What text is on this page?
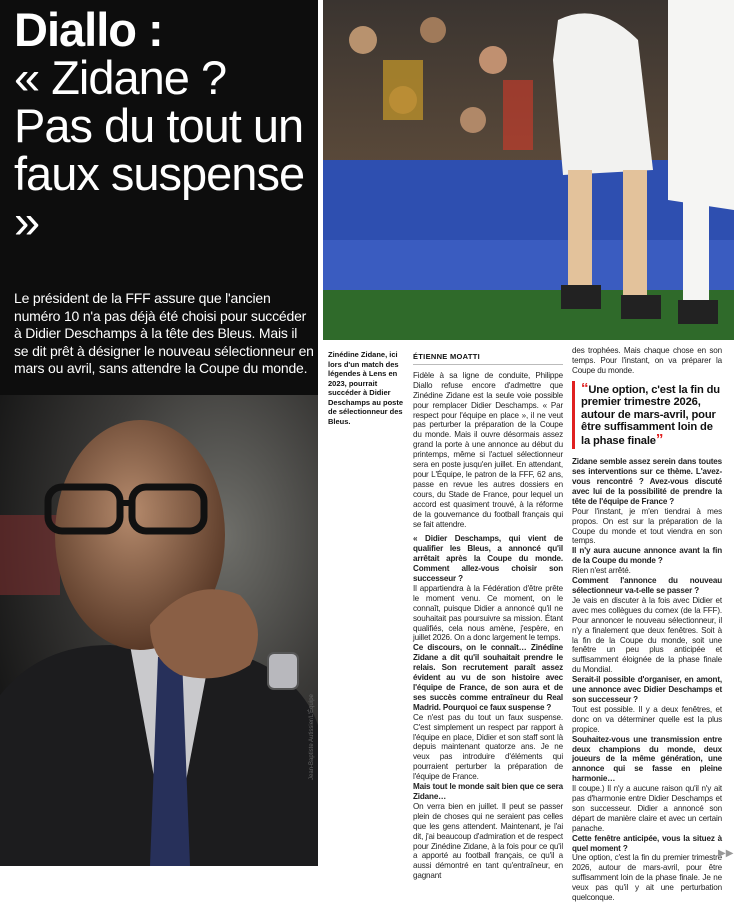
Diallo :
« Zidane ? Pas du tout un faux suspense »

Le président de la FFF assure que l'ancien numéro 10 n'a pas déjà été choisi pour succéder à Didier Deschamps à la tête des Bleus. Mais il se dit prêt à désigner le nouveau sélectionneur en mars ou avril, sans attendre la Coupe du monde.

Jean-Baptiste Autissier/L'Équipe

Zinédine Zidane, ici lors d'un match des légendes à Lens en 2023, pourrait succéder à Didier Deschamps au poste de sélectionneur des Bleus.

ÉTIENNE MOATTI

Fidèle à sa ligne de conduite, Philippe Diallo refuse encore d'admettre que Zinédine Zidane est la seule voie possible pour remplacer Didier Deschamps. « Par respect pour l'équipe en place », il ne veut pas perturber la préparation de la Coupe du monde. Mais il ouvre désormais assez grand la porte à une annonce au début du printemps, même si l'actuel sélectionneur sera en poste jusqu'en juillet. En attendant, pour L'Équipe, le patron de la FFF, 62 ans, passe en revue les autres dossiers en cours, du Stade de France, pour lequel un accord est quasiment trouvé, à la réforme de la gouvernance du football français qui se fait attendre.

« Didier Deschamps, qui vient de qualifier les Bleus, a annoncé qu'il arrêtait après la Coupe du monde. Comment allez-vous choisir son successeur ?

Il appartiendra à la Fédération d'être prête le moment venu. Ce moment, on le connaît, puisque Didier a annoncé qu'il ne souhaitait pas poursuivre sa mission. Étant qualifiés, cela nous amène, j'espère, en juillet 2026. On a donc largement le temps.

Ce discours, on le connaît… Zinédine Zidane a dit qu'il souhaitait prendre le relais. Son recrutement paraît assez évident au vu de son histoire avec l'équipe de France, de son aura et de ses succès comme entraîneur du Real Madrid. Pourquoi ce faux suspense ?

Ce n'est pas du tout un faux suspense. C'est simplement un respect par rapport à l'équipe en place, Didier et son staff sont là depuis maintenant quatorze ans. Je ne veux pas introduire d'éléments qui pourraient perturber la préparation de l'équipe de France.

Mais tout le monde sait bien que ce sera Zidane…

On verra bien en juillet. Il peut se passer plein de choses qui ne seraient pas celles que les gens attendent. Maintenant, je l'ai dit, j'ai beaucoup d'admiration et de respect pour Zinédine Zidane, à la fois pour ce qu'il a apporté au football français, ce qu'il a aussi démontré en tant qu'entraîneur, en gagnant

des trophées. Mais chaque chose en son temps. Pour l'instant, on va préparer la Coupe du monde.

“Une option, c'est la fin du premier trimestre 2026, autour de mars-avril, pour être suffisamment loin de la phase finale”

Zidane semble assez serein dans toutes ses interventions sur ce thème. L'avez-vous rencontré ? Avez-vous discuté avec lui de la possibilité de prendre la tête de l'équipe de France ?

Pour l'instant, je m'en tiendrai à mes propos. On est sur la préparation de la Coupe du monde et tout viendra en son temps.

Il n'y aura aucune annonce avant la fin de la Coupe du monde ?

Rien n'est arrêté.

Comment l'annonce du nouveau sélectionneur va-t-elle se passer ?

Je vais en discuter à la fois avec Didier et avec mes collègues du comex (de la FFF). Pour annoncer le nouveau sélectionneur, il n'y a finalement que deux fenêtres. Soit à la fin de la Coupe du monde, soit une fenêtre un peu plus anticipée et suffisamment éloignée de la phase finale du Mondial.

Serait-il possible d'organiser, en amont, une annonce avec Didier Deschamps et son successeur ?

Tout est possible. Il y a deux fenêtres, et donc on va déterminer quelle est la plus propice.

Souhaitez-vous une transmission entre deux champions du monde, deux joueurs de la même génération, une annonce qui se fasse en pleine harmonie…

Il coupe.) Il n'y a aucune raison qu'il n'y ait pas d'harmonie entre Didier Deschamps et son successeur. Didier a annoncé son départ de manière claire et avec un certain panache.

Cette fenêtre anticipée, vous la situez à quel moment ?

Une option, c'est la fin du premier trimestre 2026, autour de mars-avril, pour être suffisamment loin de la phase finale. Je ne veux pas qu'il y ait une perturbation quelconque.

▶▶
